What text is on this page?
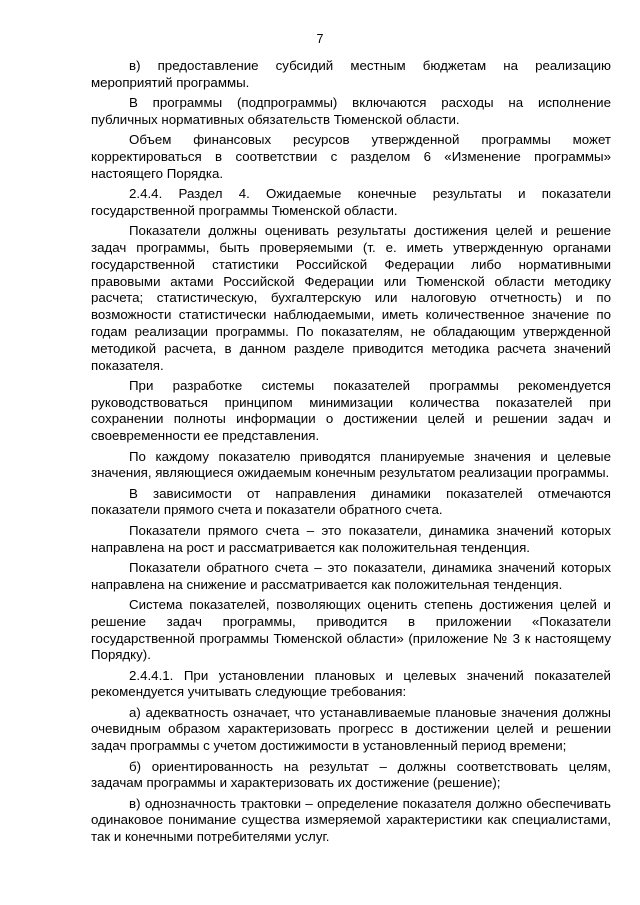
7

в) предоставление субсидий местным бюджетам на реализацию мероприятий программы.

В программы (подпрограммы) включаются расходы на исполнение публичных нормативных обязательств Тюменской области.

Объем финансовых ресурсов утвержденной программы может корректироваться в соответствии с разделом 6 «Изменение программы» настоящего Порядка.

2.4.4. Раздел 4. Ожидаемые конечные результаты и показатели государственной программы Тюменской области.

Показатели должны оценивать результаты достижения целей и решение задач программы, быть проверяемыми (т. е. иметь утвержденную органами государственной статистики Российской Федерации либо нормативными правовыми актами Российской Федерации или Тюменской области методику расчета; статистическую, бухгалтерскую или налоговую отчетность) и по возможности статистически наблюдаемыми, иметь количественное значение по годам реализации программы. По показателям, не обладающим утвержденной методикой расчета, в данном разделе приводится методика расчета значений показателя.

При разработке системы показателей программы рекомендуется руководствоваться принципом минимизации количества показателей при сохранении полноты информации о достижении целей и решении задач и своевременности ее представления.

По каждому показателю приводятся планируемые значения и целевые значения, являющиеся ожидаемым конечным результатом реализации программы.

В зависимости от направления динамики показателей отмечаются показатели прямого счета и показатели обратного счета.

Показатели прямого счета – это показатели, динамика значений которых направлена на рост и рассматривается как положительная тенденция.

Показатели обратного счета – это показатели, динамика значений которых направлена на снижение и рассматривается как положительная тенденция.

Система показателей, позволяющих оценить степень достижения целей и решение задач программы, приводится в приложении «Показатели государственной программы Тюменской области» (приложение № 3 к настоящему Порядку).

2.4.4.1. При установлении плановых и целевых значений показателей рекомендуется учитывать следующие требования:

а) адекватность означает, что устанавливаемые плановые значения должны очевидным образом характеризовать прогресс в достижении целей и решении задач программы с учетом достижимости в установленный период времени;

б) ориентированность на результат – должны соответствовать целям, задачам программы и характеризовать их достижение (решение);

в) однозначность трактовки – определение показателя должно обеспечивать одинаковое понимание существа измеряемой характеристики как специалистами, так и конечными потребителями услуг.
